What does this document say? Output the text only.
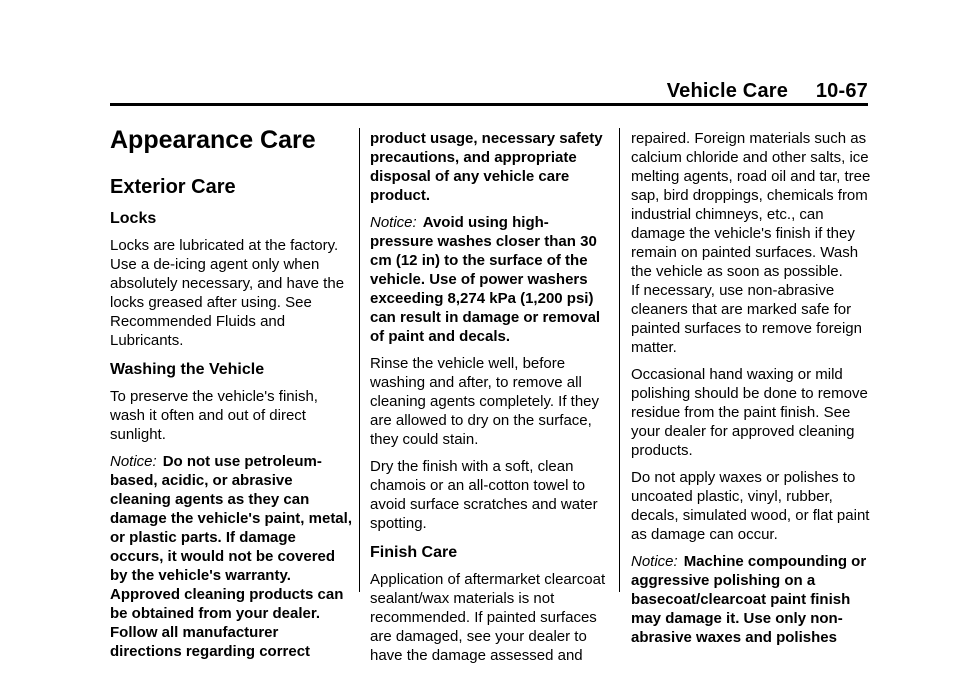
Vehicle Care 10-67
Appearance Care
Exterior Care
Locks

Locks are lubricated at the factory. Use a de-icing agent only when absolutely necessary, and have the locks greased after using. See Recommended Fluids and Lubricants.

Washing the Vehicle

To preserve the vehicle's finish, wash it often and out of direct sunlight.

Notice: Do not use petroleum-based, acidic, or abrasive cleaning agents as they can damage the vehicle's paint, metal, or plastic parts. If damage occurs, it would not be covered by the vehicle's warranty. Approved cleaning products can be obtained from your dealer. Follow all manufacturer directions regarding correct

product usage, necessary safety precautions, and appropriate disposal of any vehicle care product.

Notice: Avoid using high-pressure washes closer than 30 cm (12 in) to the surface of the vehicle. Use of power washers exceeding 8,274 kPa (1,200 psi) can result in damage or removal of paint and decals.

Rinse the vehicle well, before washing and after, to remove all cleaning agents completely. If they are allowed to dry on the surface, they could stain.

Dry the finish with a soft, clean chamois or an all-cotton towel to avoid surface scratches and water spotting.

Finish Care

Application of aftermarket clearcoat sealant/wax materials is not recommended. If painted surfaces are damaged, see your dealer to have the damage assessed and

repaired. Foreign materials such as calcium chloride and other salts, ice melting agents, road oil and tar, tree sap, bird droppings, chemicals from industrial chimneys, etc., can damage the vehicle's finish if they remain on painted surfaces. Wash the vehicle as soon as possible.

If necessary, use non-abrasive cleaners that are marked safe for painted surfaces to remove foreign matter.

Occasional hand waxing or mild polishing should be done to remove residue from the paint finish. See your dealer for approved cleaning products.

Do not apply waxes or polishes to uncoated plastic, vinyl, rubber, decals, simulated wood, or flat paint as damage can occur.

Notice: Machine compounding or aggressive polishing on a basecoat/clearcoat paint finish may damage it. Use only non-abrasive waxes and polishes
